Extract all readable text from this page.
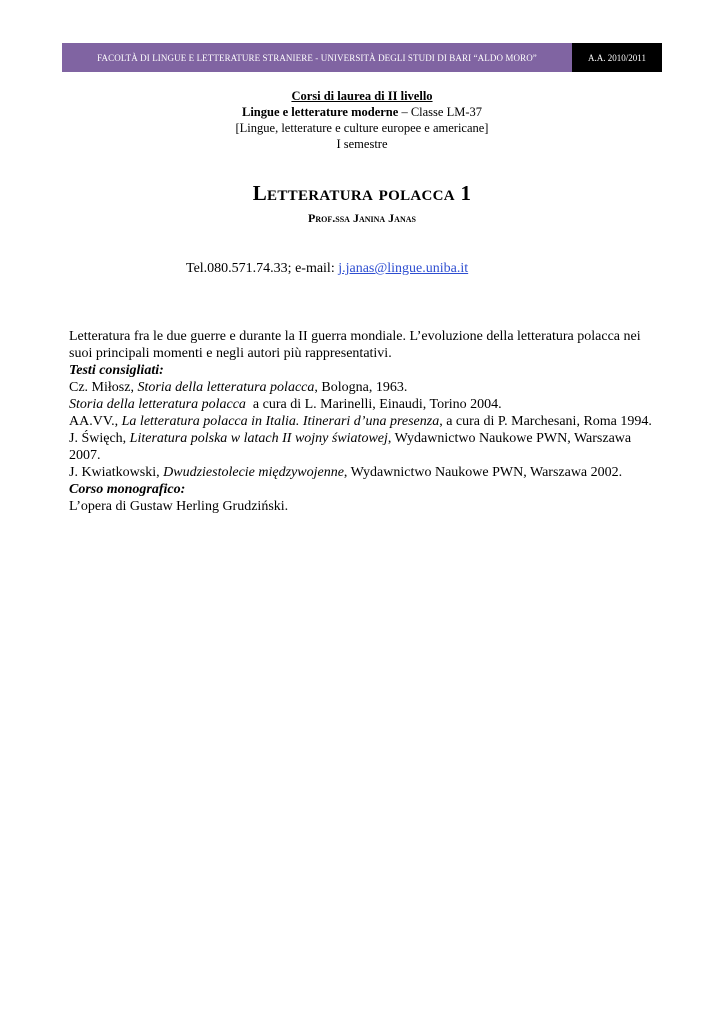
FACOLTÀ DI LINGUE E LETTERATURE STRANIERE - UNIVERSITÀ DEGLI STUDI DI BARI “ALDO MORO”	A.A. 2010/2011
Corsi di laurea di II livello
Lingue e letterature moderne – Classe LM-37
[Lingue, letterature e culture europee e americane]
I semestre
Letteratura polacca 1
Prof.ssa Janina Janas
Tel.080.571.74.33; e-mail: j.janas@lingue.uniba.it

Letteratura fra le due guerre e durante la II guerra mondiale. L’evoluzione della letteratura polacca nei suoi principali momenti e negli autori più rappresentativi.

Testi consigliati:

Cz. Miłosz, Storia della letteratura polacca, Bologna, 1963.

Storia della letteratura polacca  a cura di L. Marinelli, Einaudi, Torino 2004.

AA.VV., La letteratura polacca in Italia. Itinerari d’una presenza, a cura di P. Marchesani, Roma 1994.

J. Święch, Literatura polska w latach II wojny światowej, Wydawnictwo Naukowe PWN, Warszawa 2007.

J. Kwiatkowski, Dwudziestolecie międzywojenne, Wydawnictwo Naukowe PWN, Warszawa 2002.

Corso monografico:

L’opera di Gustaw Herling Grudziński.
